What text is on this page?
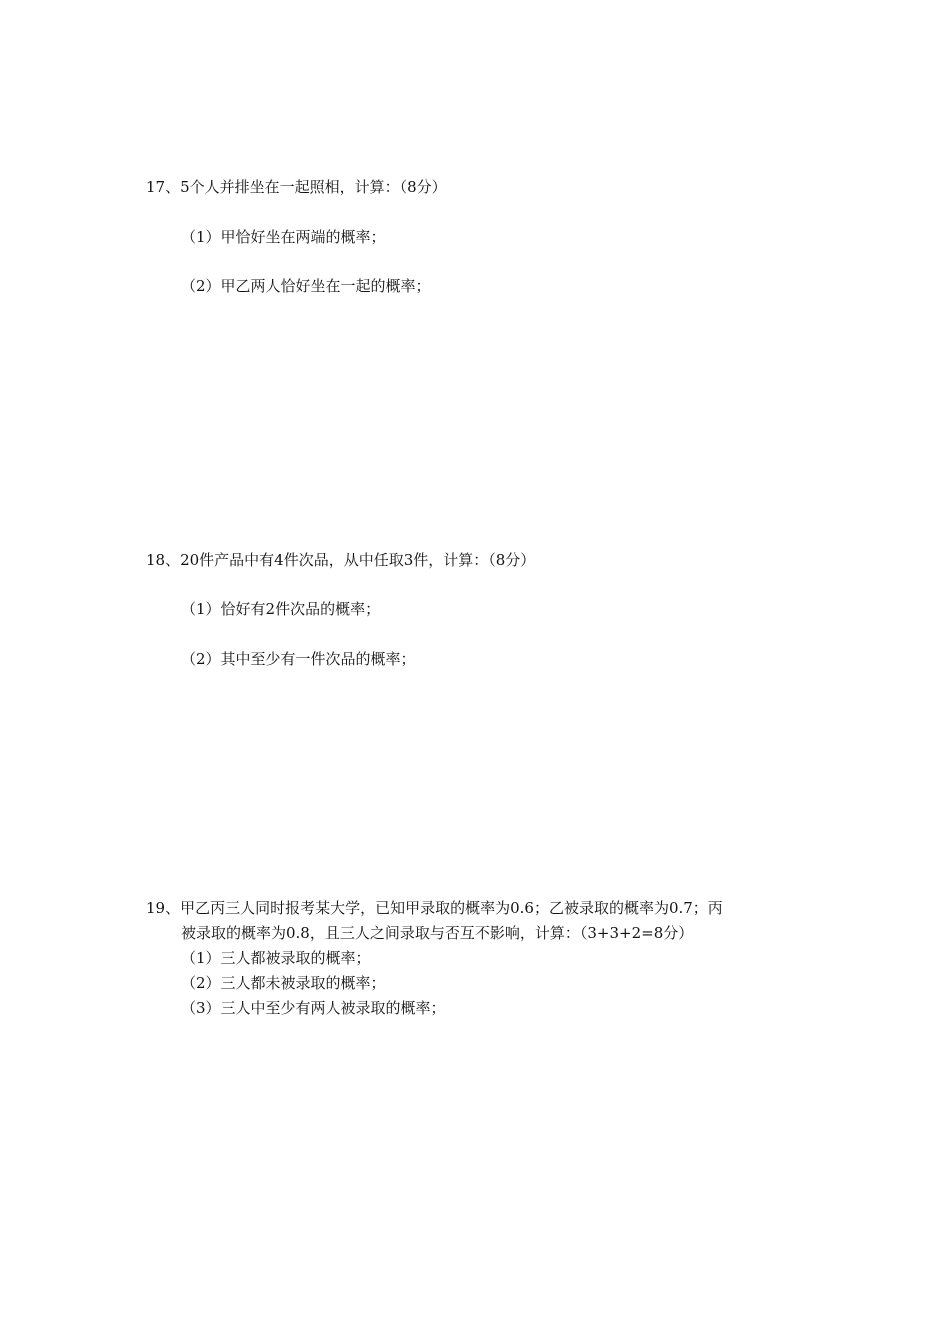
17、5个人并排坐在一起照相，计算：（8分）
（1）甲恰好坐在两端的概率；
（2）甲乙两人恰好坐在一起的概率；
18、20件产品中有4件次品，从中任取3件，计算：（8分）
（1）恰好有2件次品的概率；
（2）其中至少有一件次品的概率；
19、甲乙丙三人同时报考某大学，已知甲录取的概率为0.6；乙被录取的概率为0.7；丙
被录取的概率为0.8，且三人之间录取与否互不影响，计算：（3+3+2=8分）
（1）三人都被录取的概率；
（2）三人都未被录取的概率；
（3）三人中至少有两人被录取的概率；
